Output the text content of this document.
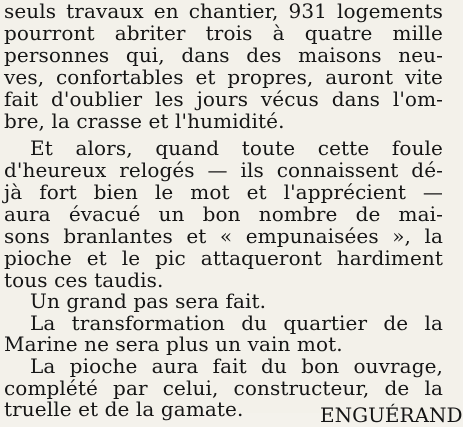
seuls travaux en chantier, 931 logements
pourront abriter trois à quatre mille
personnes qui, dans des maisons neu-
ves, confortables et propres, auront vite
fait d'oublier les jours vécus dans l'om-
bre, la crasse et l'humidité.
Et alors, quand toute cette foule
d'heureux relogés — ils connaissent dé-
jà fort bien le mot et l'apprécient —
aura évacué un bon nombre de mai-
sons branlantes et « empunaisées », la
pioche et le pic attaqueront hardiment
tous ces taudis.
Un grand pas sera fait.
La transformation du quartier de la
Marine ne sera plus un vain mot.
La pioche aura fait du bon ouvrage,
complété par celui, constructeur, de la
truelle et de la gamate.	ENGUÉRAND
